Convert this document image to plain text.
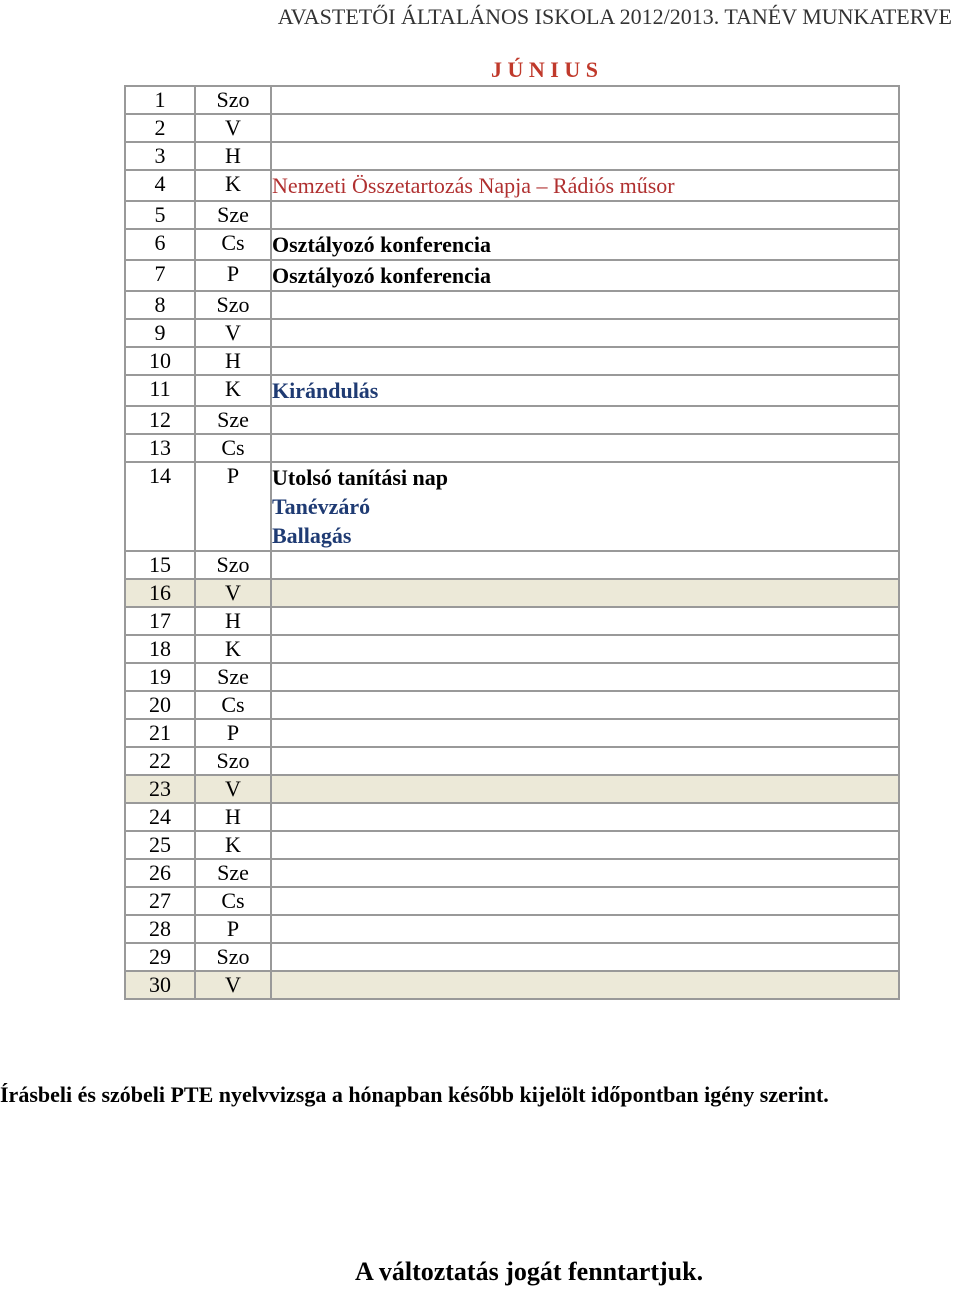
AVASTETŐI ÁLTALÁNOS ISKOLA 2012/2013. TANÉV MUNKATERVE
J Ú N I U S
1	Szo	
2	V	
3	H	
4	K	Nemzeti Összetartozás Napja – Rádiós műsor

5	Sze	
6	Cs	Osztályozó konferencia

7	P	Osztályozó konferencia

8	Szo	
9	V	
10	H	
11	K	Kirándulás

12	Sze	
13	Cs	
14	P	Utolsó tanítási nap
Tanévzáró
Ballagás

15	Szo	
16	V	
17	H	
18	K	
19	Sze	
20	Cs	
21	P	
22	Szo	
23	V	
24	H	
25	K	
26	Sze	
27	Cs	
28	P	
29	Szo	
30	V	
Írásbeli és szóbeli PTE nyelvvizsga a hónapban később kijelölt időpontban igény szerint.
A változtatás jogát fenntartjuk.
